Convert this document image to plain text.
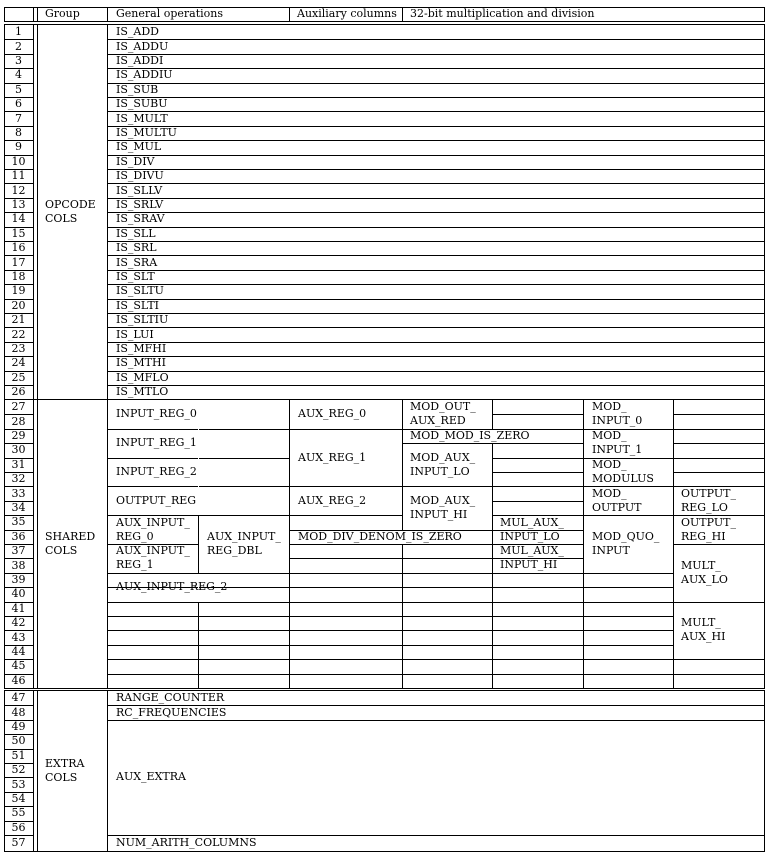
Group	General operations	Auxiliary columns 32-bit multiplication and division
1
2
3
4
5
6
7
8
9
10
11
12
13
14
15
16
17
18
19
20
21
22
23
24
25
26
27
28
29
30
31
32
33
34
35
36
37
38
39
40
41
42
43
44
45
46
47
48
49
50
51
52
53
54
55
56
57
OPCODE
COLS
IS_ADD
IS_ADDU
IS_ADDI
IS_ADDIU
IS_SUB
IS_SUBU
IS_MULT
IS_MULTU
IS_MUL
IS_DIV
IS_DIVU
IS_SLLV
IS_SRLV
IS_SRAV
IS_SLL
IS_SRL
IS_SRA
IS_SLT
IS_SLTU
IS_SLTI
IS_SLTIU
IS_LUI
IS_MFHI
IS_MTHI
IS_MFLO
IS_MTLO
SHARED
COLS
INPUT_REG_0
INPUT_REG_1
INPUT_REG_2
OUTPUT_REG
AUX_INPUT_
REG_0
AUX_INPUT_
REG_1
AUX_INPUT_
REG_DBL
AUX_INPUT_REG_2
AUX_REG_0
AUX_REG_1
AUX_REG_2
MOD_DIV_DENOM_IS_ZERO
MOD_OUT_
AUX_RED
MOD_MOD_IS_ZERO
MOD_AUX_
INPUT_LO
MOD_AUX_
INPUT_HI
MUL_AUX_
INPUT_LO
MUL_AUX_
INPUT_HI
MOD_
INPUT_0
MOD_
INPUT_1
MOD_
MODULUS
MOD_
OUTPUT
MOD_QUO_
INPUT
OUTPUT_
REG_LO
OUTPUT_
REG_HI
MULT_
AUX_LO
MULT_
AUX_HI
EXTRA
COLS
RANGE_COUNTER
RC_FREQUENCIES
AUX_EXTRA
NUM_ARITH_COLUMNS
